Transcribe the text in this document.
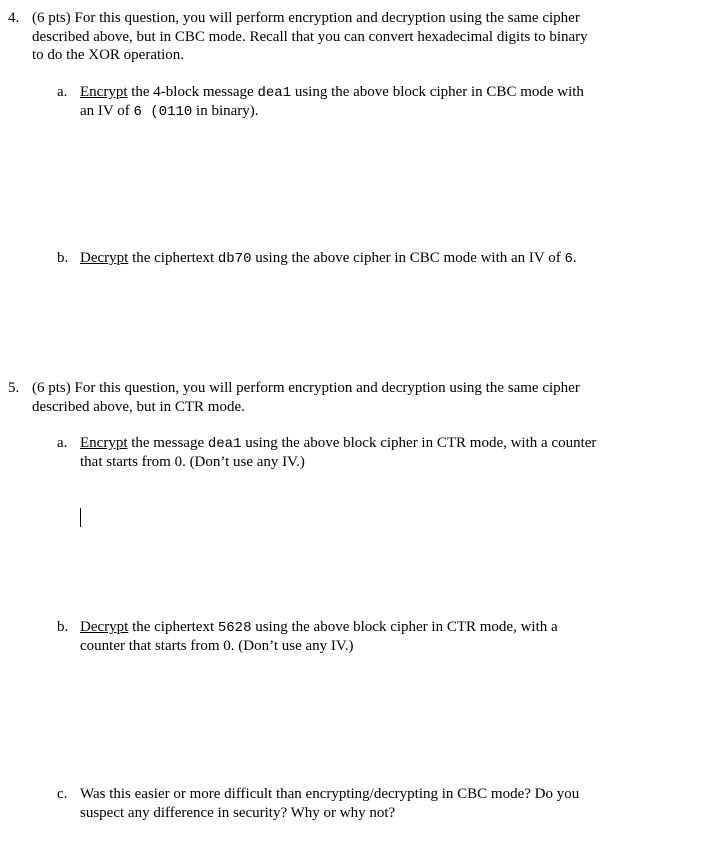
4. (6 pts) For this question, you will perform encryption and decryption using the same cipher
described above, but in CBC mode. Recall that you can convert hexadecimal digits to binary
to do the XOR operation.
a. Encrypt the 4-block message dea1 using the above block cipher in CBC mode with
an IV of 6 (0110 in binary).
b. Decrypt the ciphertext db70 using the above cipher in CBC mode with an IV of 6.
5. (6 pts) For this question, you will perform encryption and decryption using the same cipher
described above, but in CTR mode.
a. Encrypt the message dea1 using the above block cipher in CTR mode, with a counter
that starts from 0. (Don’t use any IV.)
b. Decrypt the ciphertext 5628 using the above block cipher in CTR mode, with a
counter that starts from 0. (Don’t use any IV.)
c. Was this easier or more difficult than encrypting/decrypting in CBC mode? Do you
suspect any difference in security? Why or why not?
